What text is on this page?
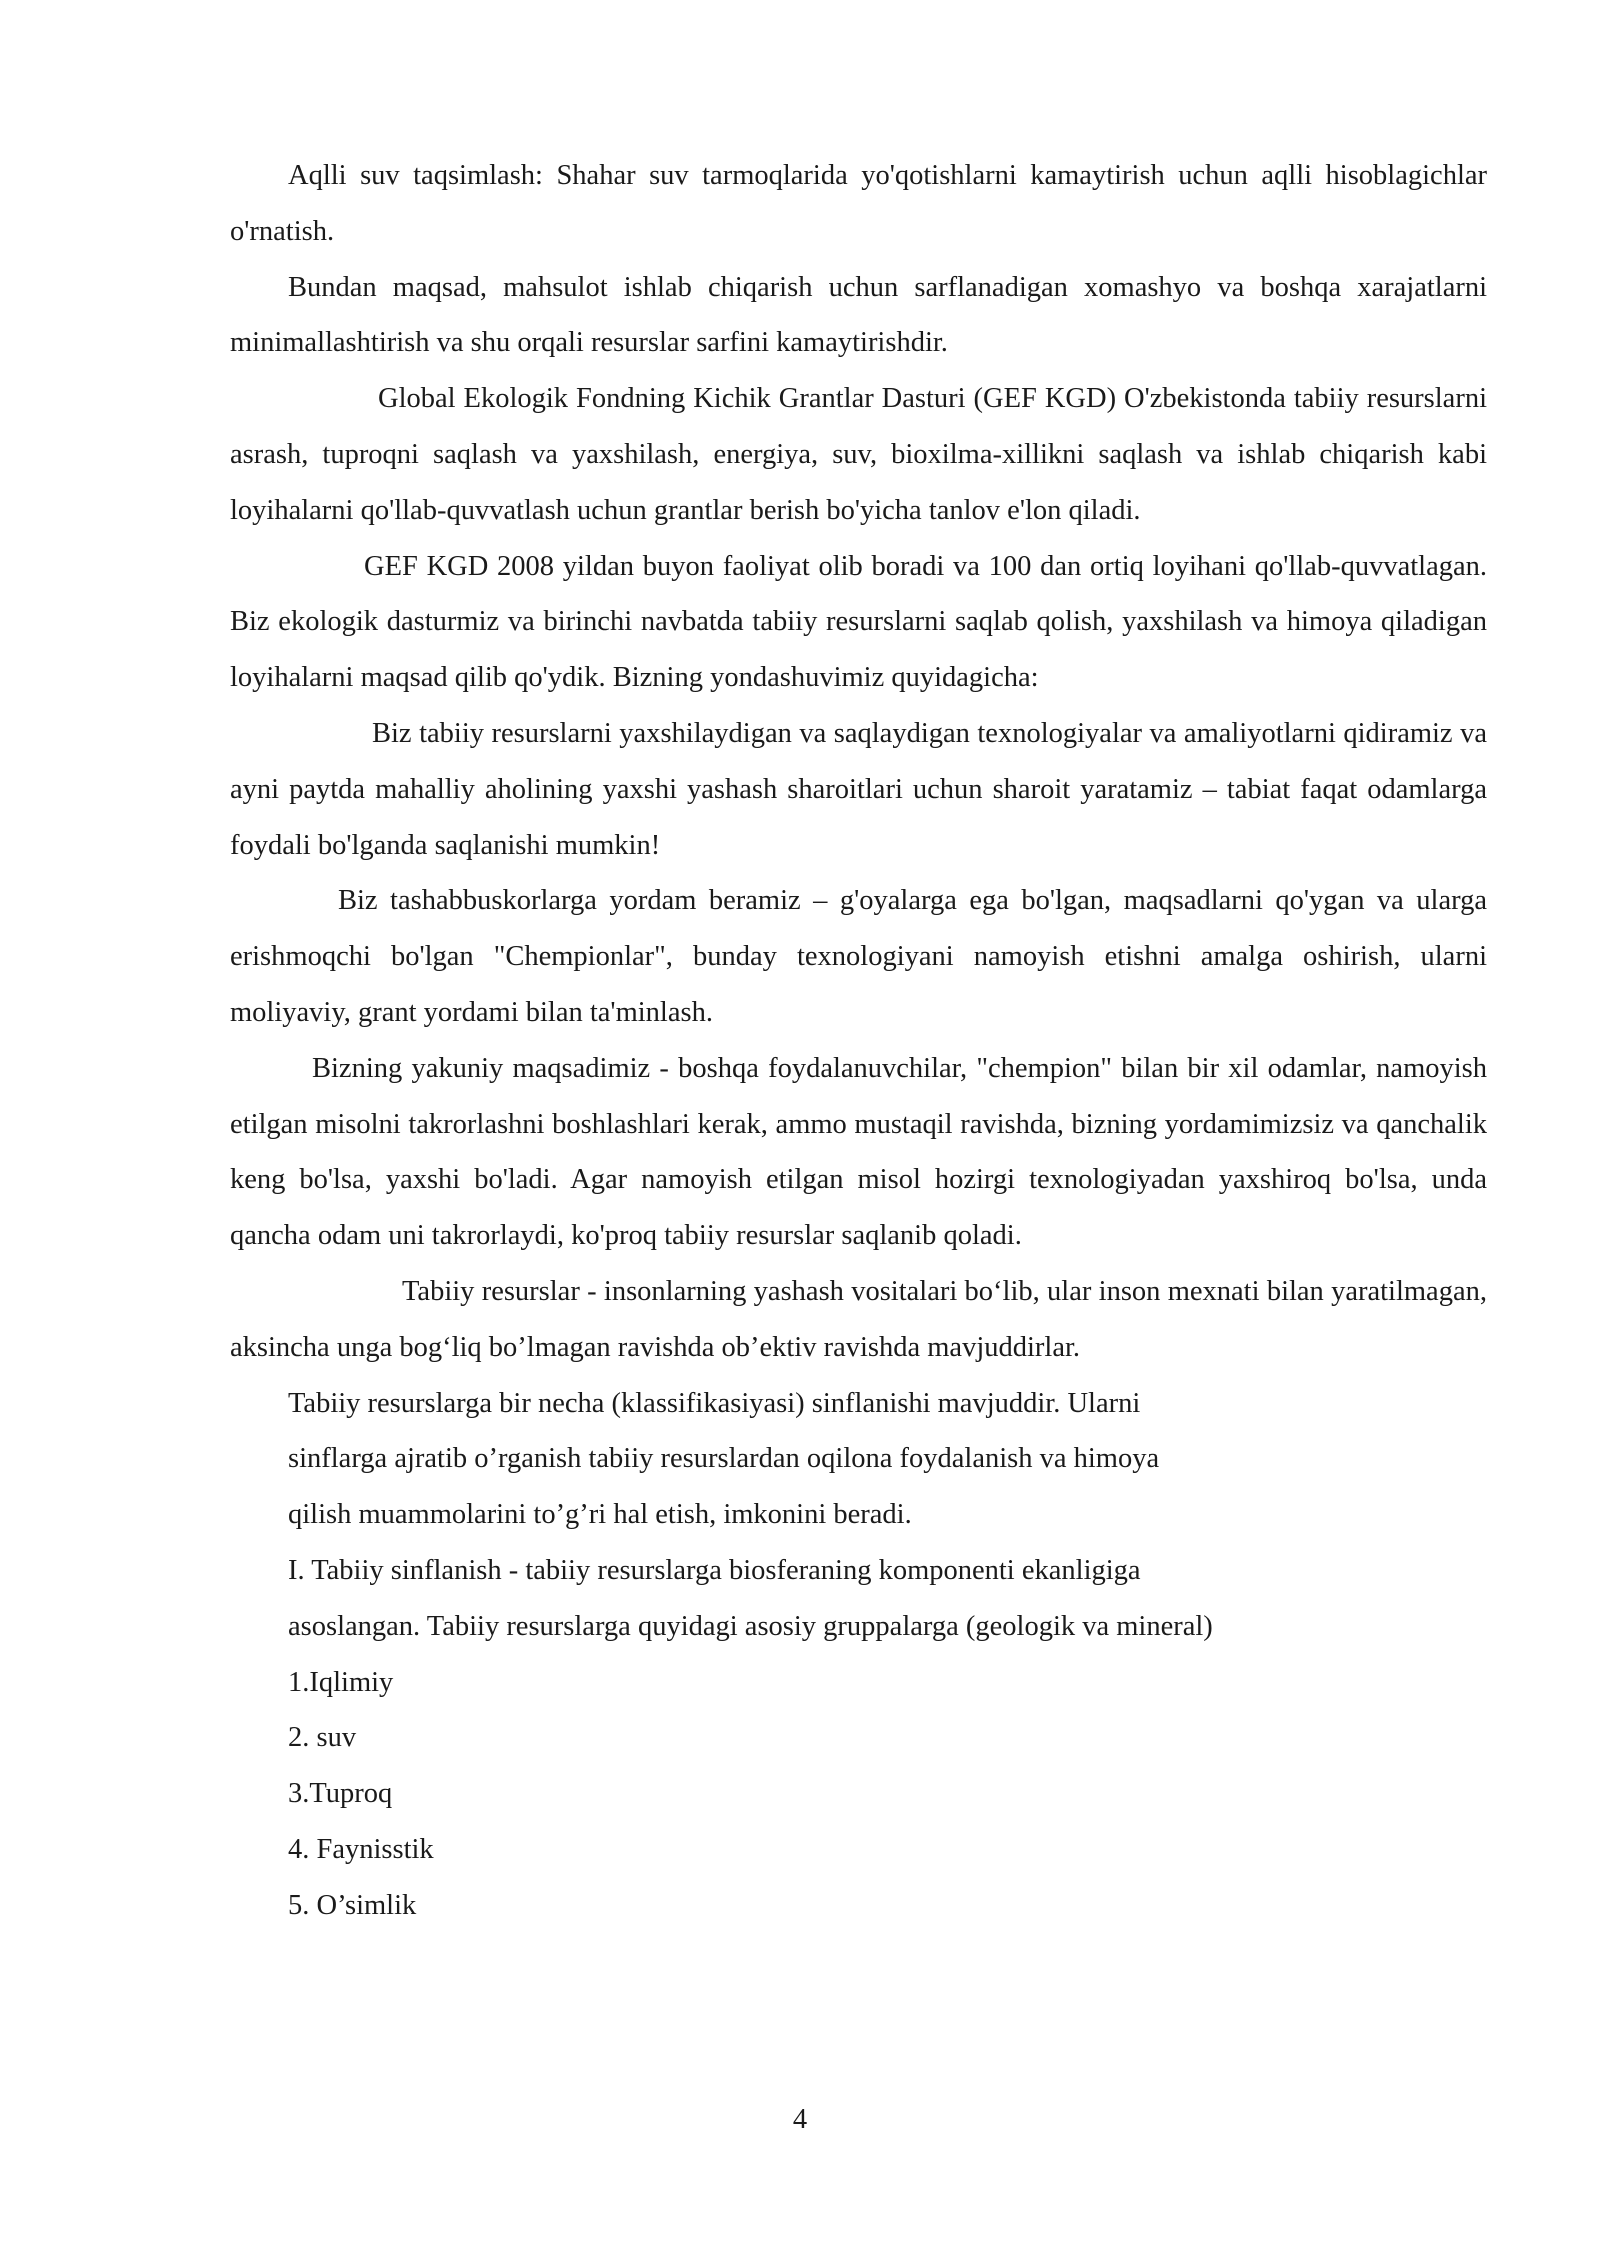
Aqlli suv taqsimlash: Shahar suv tarmoqlarida yo'qotishlarni kamaytirish uchun aqlli hisoblagichlar o'rnatish.

Bundan maqsad, mahsulot ishlab chiqarish uchun sarflanadigan xomashyo va boshqa xarajatlarni minimallashtirish va shu orqali resurslar sarfini kamaytirishdir.

Global Ekologik Fondning Kichik Grantlar Dasturi (GEF KGD) O'zbekistonda tabiiy resurslarni asrash, tuproqni saqlash va yaxshilash, energiya, suv, bioxilma-xillikni saqlash va ishlab chiqarish kabi loyihalarni qo'llab-quvvatlash uchun grantlar berish bo'yicha tanlov e'lon qiladi.

GEF KGD 2008 yildan buyon faoliyat olib boradi va 100 dan ortiq loyihani qo'llab-quvvatlagan. Biz ekologik dasturmiz va birinchi navbatda tabiiy resurslarni saqlab qolish, yaxshilash va himoya qiladigan loyihalarni maqsad qilib qo'ydik. Bizning yondashuvimiz quyidagicha:

Biz tabiiy resurslarni yaxshilaydigan va saqlaydigan texnologiyalar va amaliyotlarni qidiramiz va ayni paytda mahalliy aholining yaxshi yashash sharoitlari uchun sharoit yaratamiz – tabiat faqat odamlarga foydali bo'lganda saqlanishi mumkin!

Biz tashabbuskorlarga yordam beramiz – g'oyalarga ega bo'lgan, maqsadlarni qo'ygan va ularga erishmoqchi bo'lgan "Chempionlar", bunday texnologiyani namoyish etishni amalga oshirish, ularni moliyaviy, grant yordami bilan ta'minlash.

Bizning yakuniy maqsadimiz - boshqa foydalanuvchilar, "chempion" bilan bir xil odamlar, namoyish etilgan misolni takrorlashni boshlashlari kerak, ammo mustaqil ravishda, bizning yordamimizsiz va qanchalik keng bo'lsa, yaxshi bo'ladi. Agar namoyish etilgan misol hozirgi texnologiyadan yaxshiroq bo'lsa, unda qancha odam uni takrorlaydi, ko'proq tabiiy resurslar saqlanib qoladi.

Tabiiy resurslar - insonlarning yashash vositalari bo‘lib, ular inson mexnati bilan yaratilmagan, aksincha unga bog‘liq bo’lmagan ravishda ob’ektiv ravishda mavjuddirlar.

Tabiiy resurslarga bir necha (klassifikasiyasi) sinflanishi mavjuddir. Ularni
sinflarga ajratib o’rganish tabiiy resurslardan oqilona foydalanish va himoya
qilish muammolarini to’g’ri hal etish, imkonini beradi.
I. Tabiiy sinflanish - tabiiy resurslarga biosferaning komponenti ekanligiga
asoslangan. Tabiiy resurslarga quyidagi asosiy gruppalarga (geologik va mineral)

1.Iqlimiy

2. suv

3.Tuproq

4. Faynisstik

5. O’simlik

4
